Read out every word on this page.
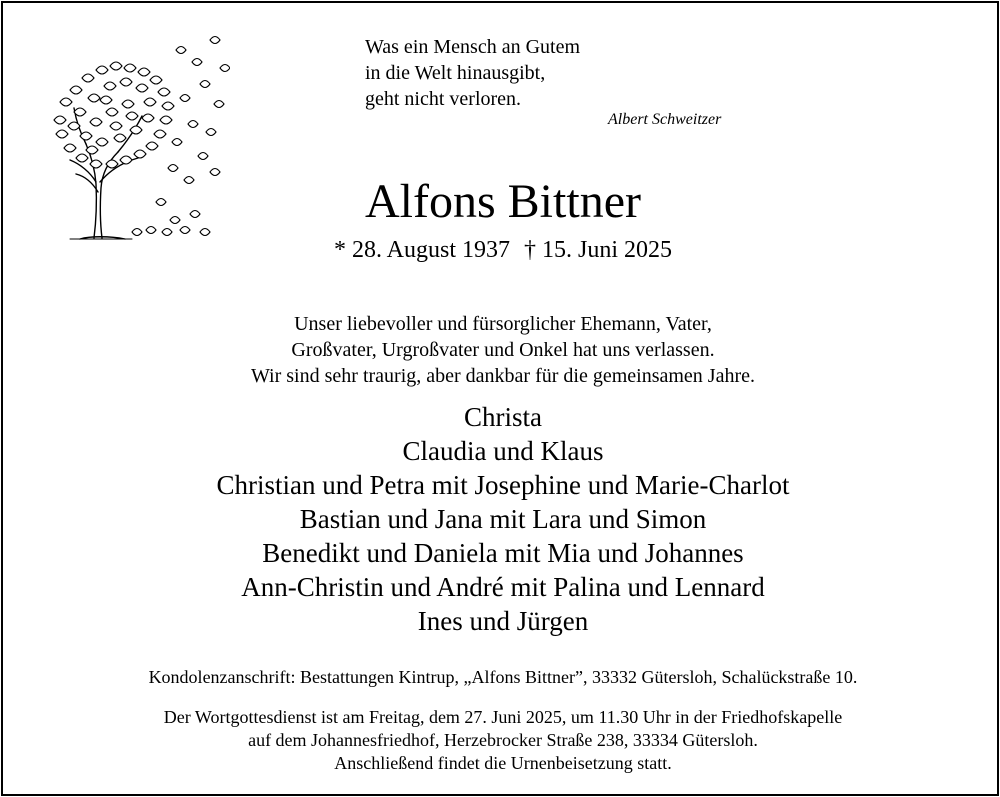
Was ein Mensch an Gutem
in die Welt hinausgibt,
geht nicht verloren.
Albert Schweitzer
Alfons Bittner
* 28. August 1937 † 15. Juni 2025
Unser liebevoller und fürsorglicher Ehemann, Vater,
Großvater, Urgroßvater und Onkel hat uns verlassen.
Wir sind sehr traurig, aber dankbar für die gemeinsamen Jahre.
Christa
Claudia und Klaus
Christian und Petra mit Josephine und Marie-Charlot
Bastian und Jana mit Lara und Simon
Benedikt und Daniela mit Mia und Johannes
Ann-Christin und André mit Palina und Lennard
Ines und Jürgen
Kondolenzanschrift: Bestattungen Kintrup, „Alfons Bittner”, 33332 Gütersloh, Schalückstraße 10.
Der Wortgottesdienst ist am Freitag, dem 27. Juni 2025, um 11.30 Uhr in der Friedhofskapelle
auf dem Johannesfriedhof, Herzebrocker Straße 238, 33334 Gütersloh.
Anschließend findet die Urnenbeisetzung statt.
